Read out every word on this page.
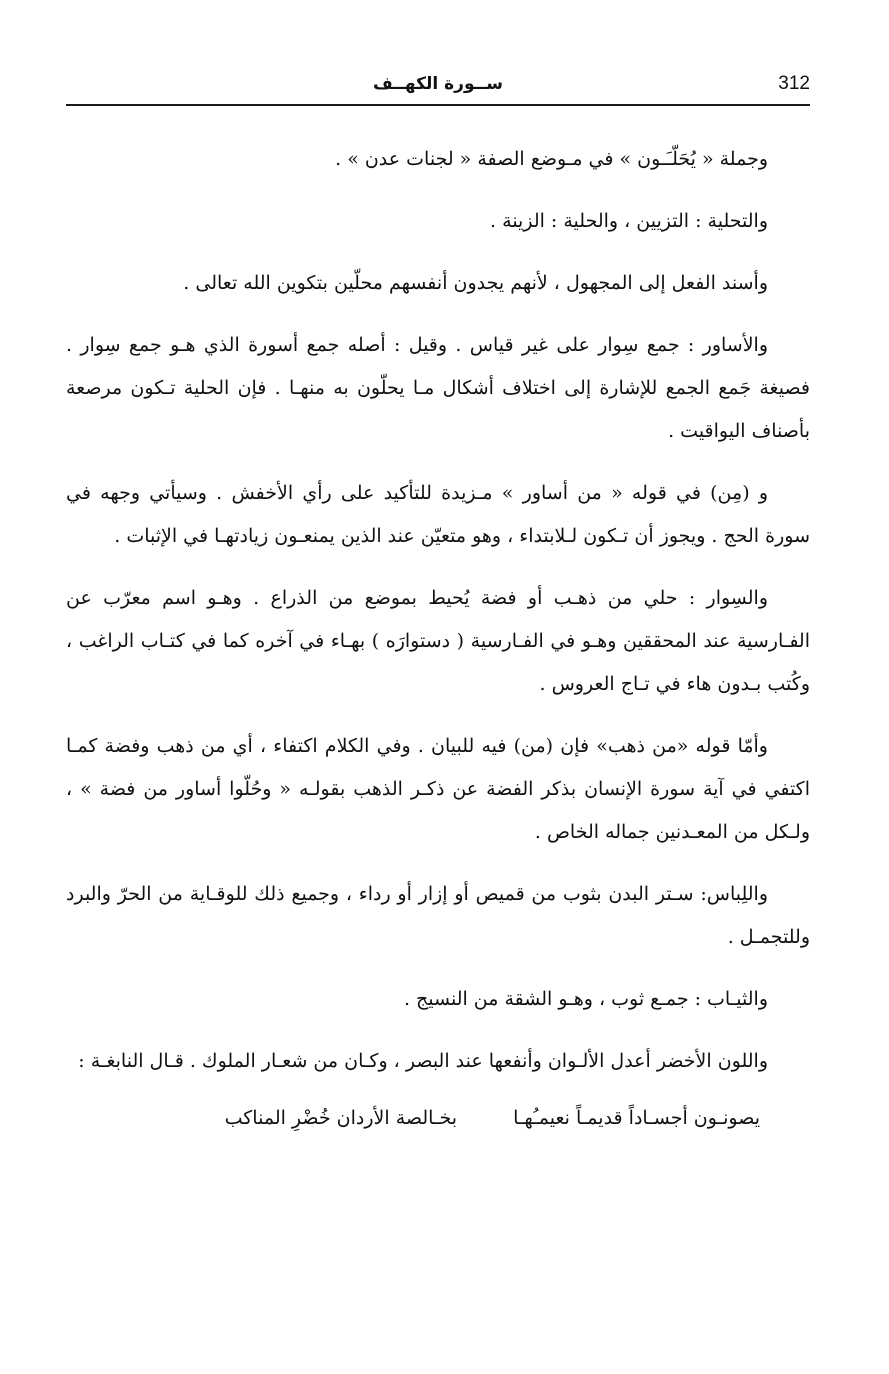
312
ســورة الكهــف

وجملة « يُحَلّـَـون » في مـوضع الصفة « لجنات عدن » .

والتحلية : التزيين ، والحلية : الزينة .

وأسند الفعل إلى المجهول ، لأنهم يجدون أنفسهم محلّين بتكوين الله تعالى .

والأساور : جمع سِوار على غير قياس . وقيل : أصله جمع أسورة الذي هـو جمع سِوار . فصيغة جَمع الجمع للإشارة إلى اختلاف أشكال مـا يحلّون به منهـا . فإن الحلية تـكون مرصعة بأصناف اليواقيت .

و (مِن) في قوله « من أساور » مـزيدة للتأكيد على رأي الأخفش . وسيأتي وجهه في سورة الحج . ويجوز أن تـكون لـلابتداء ، وهو متعيّن عند الذين يمنعـون زيادتهـا في الإثبات .

والسِوار : حلي من ذهـب أو فضة يُحيط بموضع من الذراع . وهـو اسم معرّب عن الفـارسية عند المحققين وهـو في الفـارسية ( دستوارَه ) بهـاء في آخره كما في كتـاب الراغب ، وكُتب بـدون هاء في تـاج العروس .

وأمّا قوله «من ذهب» فإن (من) فيه للبيان . وفي الكلام اكتفاء ، أي من ذهب وفضة كمـا اكتفي في آية سورة الإنسان بذكر الفضة عن ذكـر الذهب بقولـه « وحُلّوا أساور من فضة » ، ولـكل من المعـدنين جماله الخاص .

واللِباس: سـتر البدن بثوب من قميص أو إزار أو رداء ، وجميع ذلك للوقـاية من الحرّ والبرد وللتجمـل .

والثيـاب : جمـع ثوب ، وهـو الشقة من النسيج .

واللون الأخضر أعدل الألـوان وأنفعها عند البصر ، وكـان من شعـار الملوك . قـال النابغـة :

يصونـون أجسـاداً قديمـاً نعيمـُهـا
بخـالصة الأردان خُضْرِ المناكب
